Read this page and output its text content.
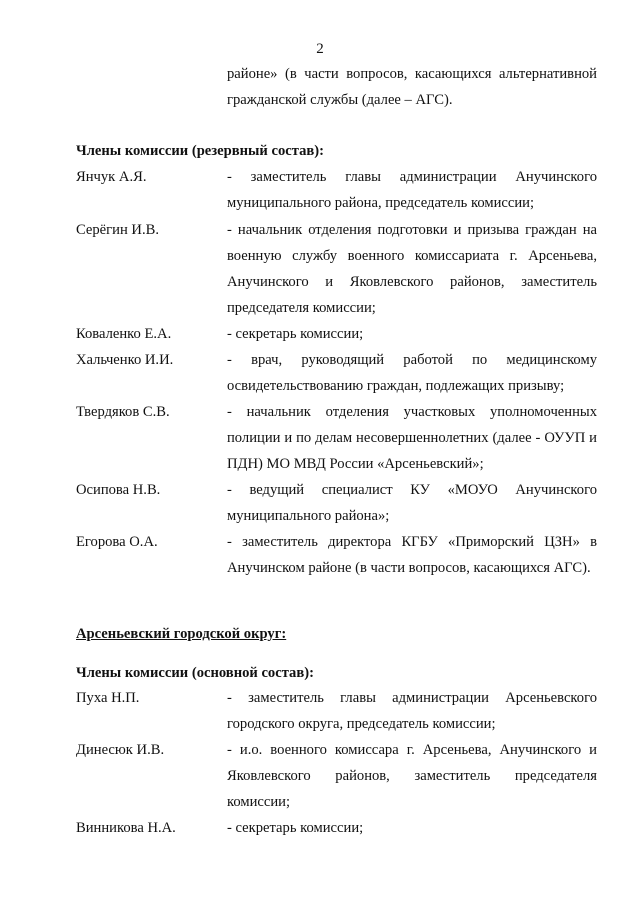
2
районе» (в части вопросов, касающихся альтернативной гражданской службы (далее – АГС).
Члены комиссии (резервный состав):
Янчук А.Я.	- заместитель главы администрации Анучинского муниципального района, председатель комиссии;
Серёгин И.В.	- начальник отделения подготовки и призыва граждан на военную службу военного комиссариата г. Арсеньева, Анучинского и Яковлевского районов, заместитель председателя комиссии;
Коваленко Е.А.	- секретарь комиссии;
Хальченко И.И.	- врач, руководящий работой по медицинскому освидетельствованию граждан, подлежащих призыву;
Твердяков С.В.	- начальник отделения участковых уполномоченных полиции и по делам несовершеннолетних (далее - ОУУП и ПДН) МО МВД России «Арсеньевский»;
Осипова Н.В.	- ведущий специалист КУ «МОУО Анучинского муниципального района»;
Егорова О.А.	- заместитель директора КГБУ «Приморский ЦЗН» в Анучинском районе (в части вопросов, касающихся АГС).
Арсеньевский городской округ:
Члены комиссии (основной состав):
Пуха Н.П.	- заместитель главы администрации Арсеньевского городского округа, председатель комиссии;
Динесюк И.В.	- и.о. военного комиссара г. Арсеньева, Анучинского и Яковлевского районов, заместитель председателя комиссии;
Винникова Н.А.	- секретарь комиссии;
